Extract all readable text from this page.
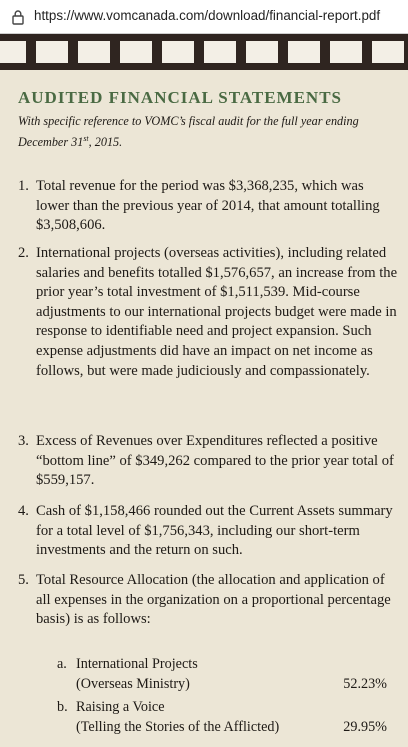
https://www.vomcanada.com/download/financial-report.pdf
AUDITED FINANCIAL STATEMENTS

With specific reference to VOMC’s fiscal audit for the full year ending December 31st, 2015.

1. Total revenue for the period was $3,368,235, which was lower than the previous year of 2014, that amount totalling $3,508,606.
2. International projects (overseas activities), including related salaries and benefits totalled $1,576,657, an increase from the prior year’s total investment of $1,511,539. Mid-course adjustments to our international projects budget were made in response to identifiable need and project expansion. Such expense adjustments did have an impact on net income as follows, but were made judiciously and compassionately.
3. Excess of Revenues over Expenditures reflected a positive “bottom line” of $349,262 compared to the prior year total of $559,157.
4. Cash of $1,158,466 rounded out the Current Assets summary for a total level of $1,756,343, including our short-term investments and the return on such.
5. Total Resource Allocation (the allocation and application of all expenses in the organization on a proportional percentage basis) is as follows:
a. International Projects
(Overseas Ministry)	52.23%
b. Raising a Voice
(Telling the Stories of the Afflicted)	29.95%
